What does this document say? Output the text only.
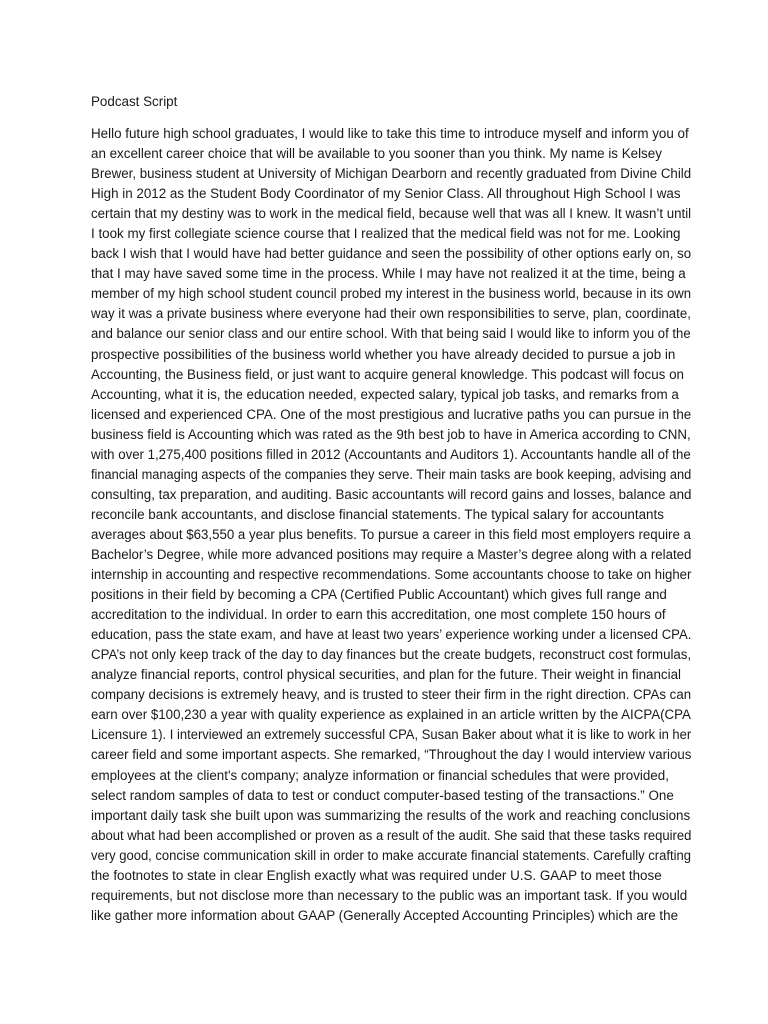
Podcast Script
Hello future high school graduates, I would like to take this time to introduce myself and inform you of
an excellent career choice that will be available to you sooner than you think. My name is Kelsey
Brewer, business student at University of Michigan Dearborn and recently graduated from Divine Child
High in 2012 as the Student Body Coordinator of my Senior Class. All throughout High School I was
certain that my destiny was to work in the medical field, because well that was all I knew. It wasn’t until
I took my first collegiate science course that I realized that the medical field was not for me. Looking
back I wish that I would have had better guidance and seen the possibility of other options early on, so
that I may have saved some time in the process. While I may have not realized it at the time, being a
member of my high school student council probed my interest in the business world, because in its own
way it was a private business where everyone had their own responsibilities to serve, plan, coordinate,
and balance our senior class and our entire school. With that being said I would like to inform you of the
prospective possibilities of the business world whether you have already decided to pursue a job in
Accounting, the Business field, or just want to acquire general knowledge. This podcast will focus on
Accounting, what it is, the education needed, expected salary, typical job tasks, and remarks from a
licensed and experienced CPA. One of the most prestigious and lucrative paths you can pursue in the
business field is Accounting which was rated as the 9th best job to have in America according to CNN,
with over 1,275,400 positions filled in 2012 (Accountants and Auditors 1). Accountants handle all of the
financial managing aspects of the companies they serve. Their main tasks are book keeping, advising and
consulting, tax preparation, and auditing. Basic accountants will record gains and losses, balance and
reconcile bank accountants, and disclose financial statements. The typical salary for accountants
averages about $63,550 a year plus benefits. To pursue a career in this field most employers require a
Bachelor’s Degree, while more advanced positions may require a Master’s degree along with a related
internship in accounting and respective recommendations. Some accountants choose to take on higher
positions in their field by becoming a CPA (Certified Public Accountant) which gives full range and
accreditation to the individual. In order to earn this accreditation, one most complete 150 hours of
education, pass the state exam, and have at least two years’ experience working under a licensed CPA.
CPA’s not only keep track of the day to day finances but the create budgets, reconstruct cost formulas,
analyze financial reports, control physical securities, and plan for the future. Their weight in financial
company decisions is extremely heavy, and is trusted to steer their firm in the right direction. CPAs can
earn over $100,230 a year with quality experience as explained in an article written by the AICPA(CPA
Licensure 1). I interviewed an extremely successful CPA, Susan Baker about what it is like to work in her
career field and some important aspects. She remarked, “Throughout the day I would interview various
employees at the client's company; analyze information or financial schedules that were provided,
select random samples of data to test or conduct computer-based testing of the transactions.” One
important daily task she built upon was summarizing the results of the work and reaching conclusions
about what had been accomplished or proven as a result of the audit. She said that these tasks required
very good, concise communication skill in order to make accurate financial statements. Carefully crafting
the footnotes to state in clear English exactly what was required under U.S. GAAP to meet those
requirements, but not disclose more than necessary to the public was an important task. If you would
like gather more information about GAAP (Generally Accepted Accounting Principles) which are the
